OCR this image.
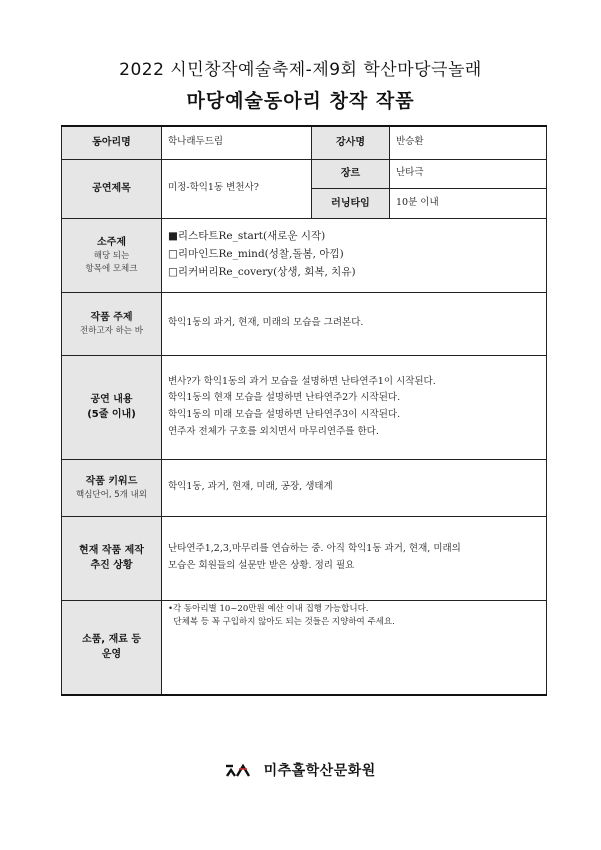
2022 시민창작예술축제-제9회 학산마당극놀래
마당예술동아리 창작 작품
동아리명	학나래두드림	강사명	반승환
공연제목	미정-학익1동 변천사?	장르	난타극
		러닝타임	10분 이내
소주제
해당 되는
항목에 모체크	■리스타트Re_start(새로운 시작)
□리마인드Re_mind(성찰,돌봄, 아낌)
□리커버리Re_covery(상생, 회복, 치유)		

작품 주제
전하고자 하는 바	학익1동의 과거, 현재, 미래의 모습을 그려본다.		
공연 내용
(5줄 이내)	변사?가 학익1동의 과거 모습을 설명하면 난타연주1이 시작된다.
학익1동의 현재 모습을 설명하면 난타연주2가 시작된다.
학익1동의 미래 모습을 설명하면 난타연주3이 시작된다.
연주자 전체가 구호를 외치면서 마무리연주를 한다.		

작품 키워드
핵심단어, 5개 내외	학익1동, 과거, 현재, 미래, 공장, 생태계		
현재 작품 제작
추진 상황	난타연주1,2,3,마무리를 연습하는 중. 아직 학익1동 과거, 현재, 미래의
모습은 회원들의 설문만 받은 상황. 정리 필요		

소품, 재료 등
운영	•각 동아리별 10~20만원 예산 이내 집행 가능합니다.
단체복 등 꼭 구입하지 않아도 되는 것들은 지양하여 주세요.		
미추홀학산문화원
